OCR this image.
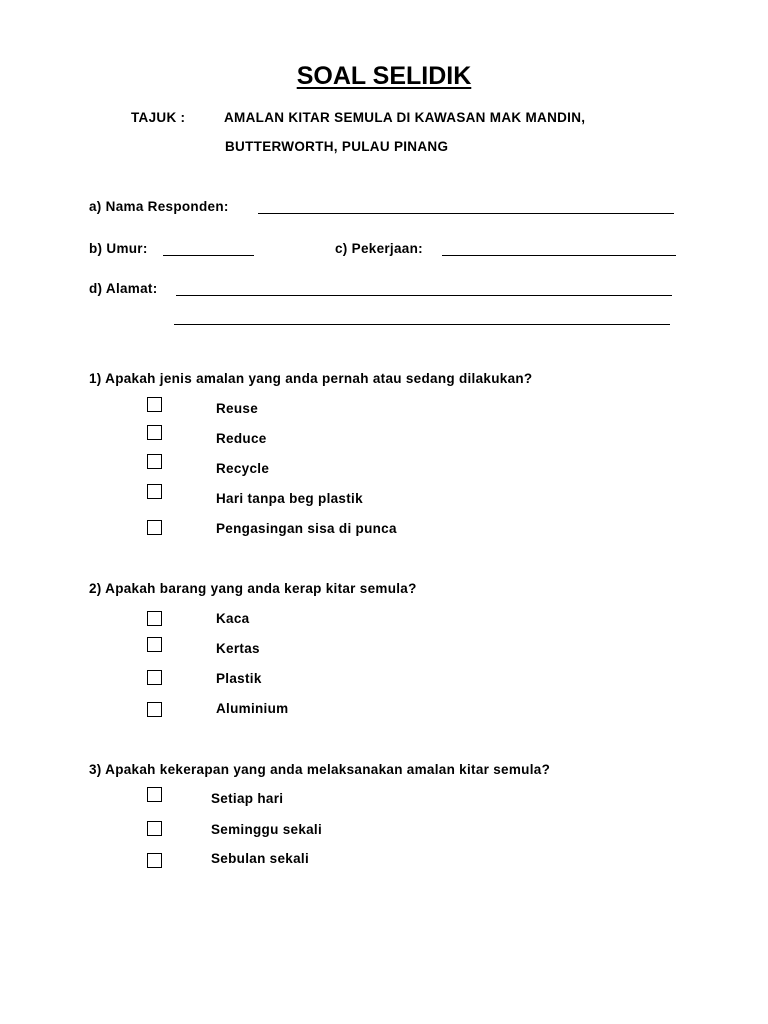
SOAL SELIDIK
TAJUK :	AMALAN KITAR SEMULA DI KAWASAN MAK MANDIN,
BUTTERWORTH, PULAU PINANG
a) Nama Responden:
b) Umur:	c) Pekerjaan:
d) Alamat:
1) Apakah jenis amalan yang anda pernah atau sedang dilakukan?
Reuse
Reduce
Recycle
Hari tanpa beg plastik
Pengasingan sisa di punca
2) Apakah barang yang anda kerap kitar semula?
Kaca
Kertas
Plastik
Aluminium
3) Apakah kekerapan yang anda melaksanakan amalan kitar semula?
Setiap hari
Seminggu sekali
Sebulan sekali
